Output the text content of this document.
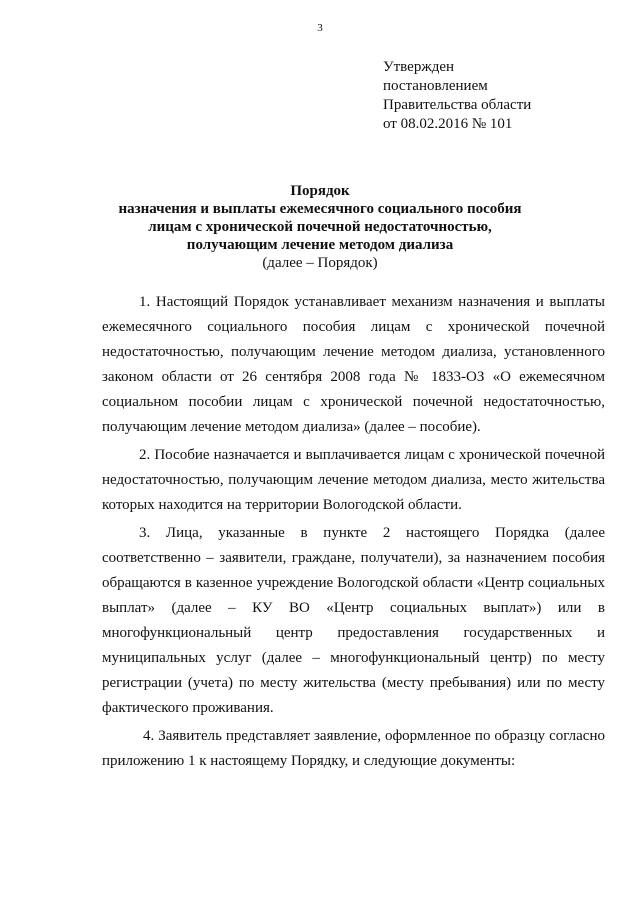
3
Утвержден
постановлением
Правительства области
от 08.02.2016 № 101
Порядок
назначения и выплаты ежемесячного социального пособия
лицам с хронической почечной недостаточностью,
получающим лечение методом диализа
(далее – Порядок)

1. Настоящий Порядок устанавливает механизм назначения и выплаты ежемесячного социального пособия лицам с хронической почечной недостаточностью, получающим лечение методом диализа, установленного законом области от 26 сентября 2008 года № 1833-ОЗ «О ежемесячном социальном пособии лицам с хронической почечной недостаточностью, получающим лечение методом диализа» (далее – пособие).

2. Пособие назначается и выплачивается лицам с хронической почечной недостаточностью, получающим лечение методом диализа, место жительства которых находится на территории Вологодской области.

3. Лица, указанные в пункте 2 настоящего Порядка (далее соответственно – заявители, граждане, получатели), за назначением пособия обращаются в казенное учреждение Вологодской области «Центр социальных выплат» (далее – КУ ВО «Центр социальных выплат») или в многофункциональный центр предоставления государственных и муниципальных услуг (далее – многофункциональный центр) по месту регистрации (учета) по месту жительства (месту пребывания) или по месту фактического проживания.

4. Заявитель представляет заявление, оформленное по образцу согласно приложению 1 к настоящему Порядку, и следующие документы:
